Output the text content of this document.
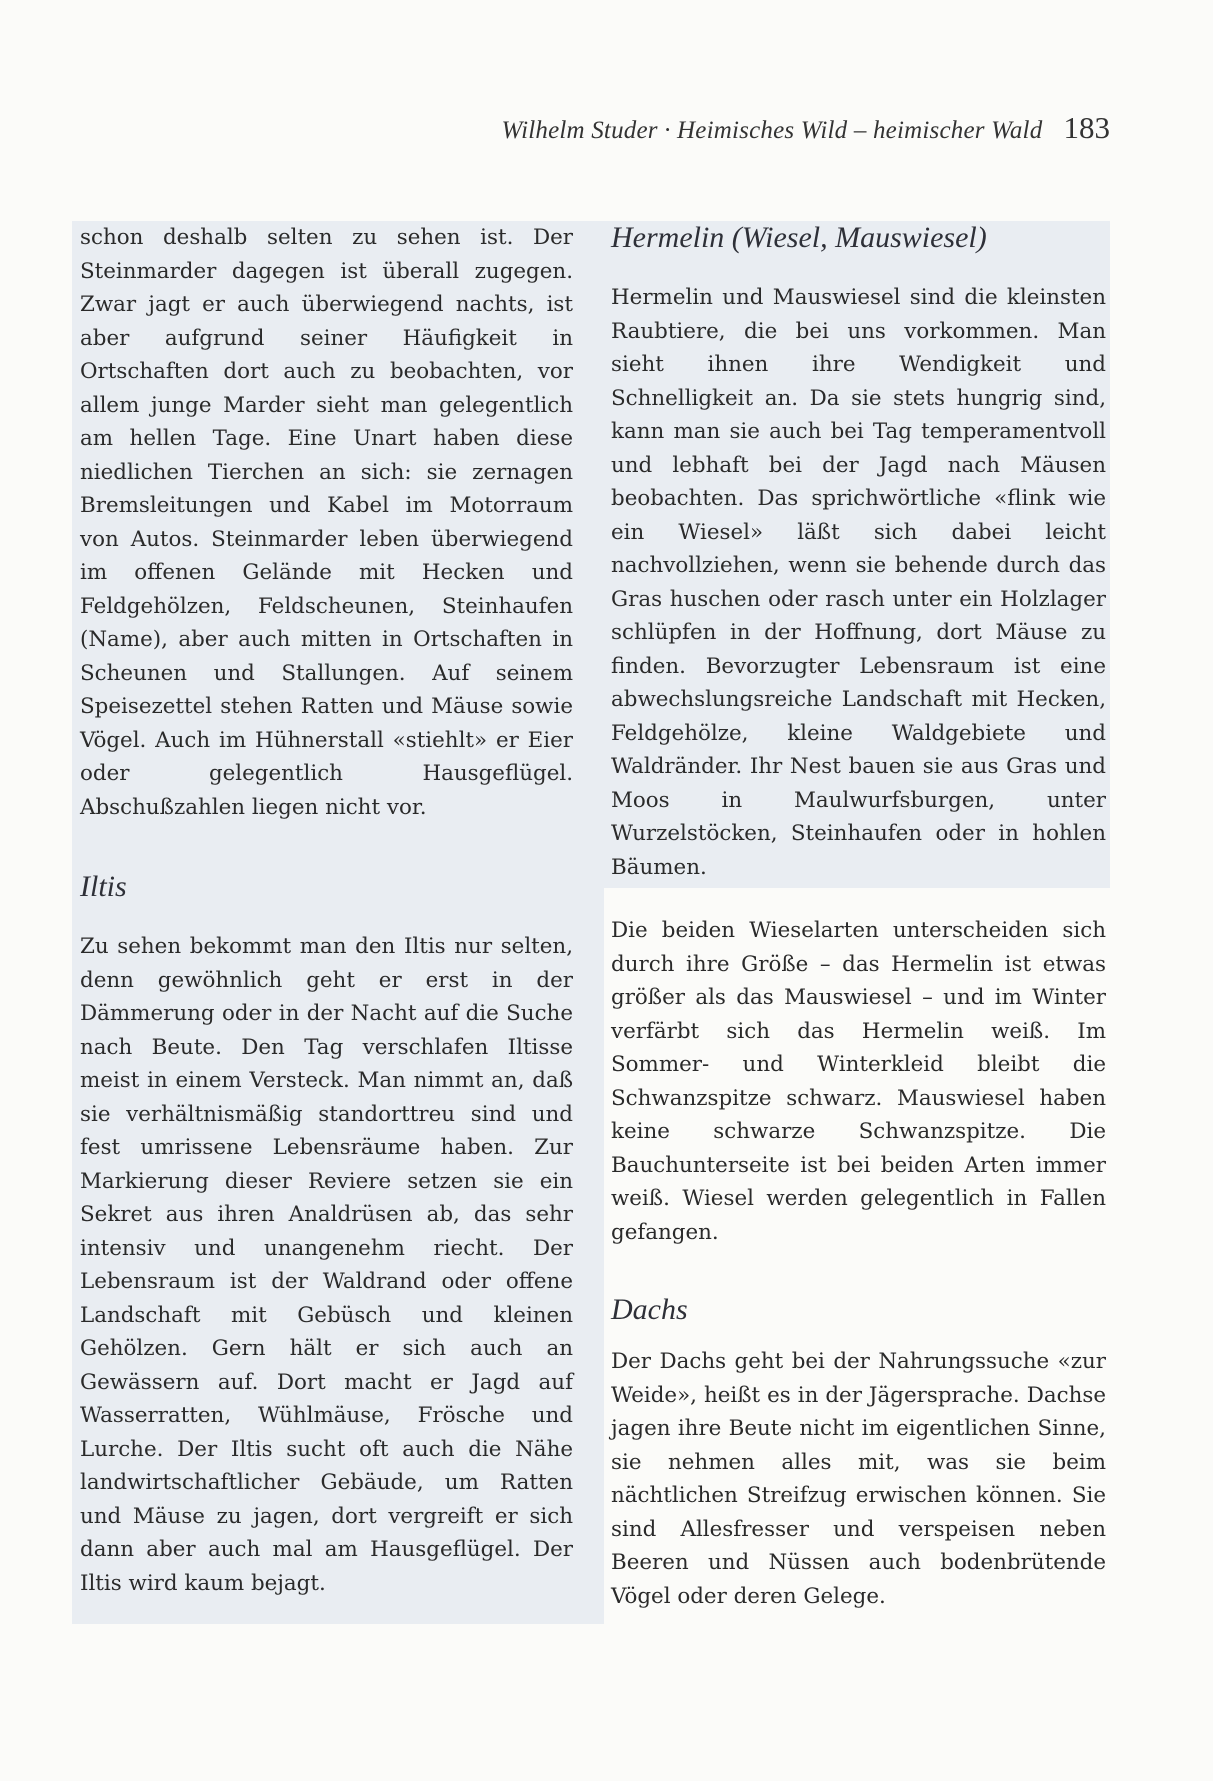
Wilhelm Studer · Heimisches Wild – heimischer Wald 183

schon deshalb selten zu sehen ist. Der Steinmarder dagegen ist überall zugegen. Zwar jagt er auch überwiegend nachts, ist aber aufgrund seiner Häufigkeit in Ortschaften dort auch zu beobachten, vor allem junge Marder sieht man gelegentlich am hellen Tage. Eine Unart haben diese niedlichen Tierchen an sich: sie zernagen Bremsleitungen und Kabel im Motorraum von Autos. Steinmarder leben überwiegend im offenen Gelände mit Hecken und Feldgehölzen, Feldscheunen, Steinhaufen (Name), aber auch mitten in Ortschaften in Scheunen und Stallungen. Auf seinem Speisezettel stehen Ratten und Mäuse sowie Vögel. Auch im Hühnerstall «stiehlt» er Eier oder gelegentlich Hausgeflügel. Abschußzahlen liegen nicht vor.

Iltis

Zu sehen bekommt man den Iltis nur selten, denn gewöhnlich geht er erst in der Dämmerung oder in der Nacht auf die Suche nach Beute. Den Tag verschlafen Iltisse meist in einem Versteck. Man nimmt an, daß sie verhältnismäßig standorttreu sind und fest umrissene Lebensräume haben. Zur Markierung dieser Reviere setzen sie ein Sekret aus ihren Analdrüsen ab, das sehr intensiv und unangenehm riecht. Der Lebensraum ist der Waldrand oder offene Landschaft mit Gebüsch und kleinen Gehölzen. Gern hält er sich auch an Gewässern auf. Dort macht er Jagd auf Wasserratten, Wühlmäuse, Frösche und Lurche. Der Iltis sucht oft auch die Nähe landwirtschaftlicher Gebäude, um Ratten und Mäuse zu jagen, dort vergreift er sich dann aber auch mal am Hausgeflügel. Der Iltis wird kaum bejagt.

Hermelin (Wiesel, Mauswiesel)

Hermelin und Mauswiesel sind die kleinsten Raubtiere, die bei uns vorkommen. Man sieht ihnen ihre Wendigkeit und Schnelligkeit an. Da sie stets hungrig sind, kann man sie auch bei Tag temperamentvoll und lebhaft bei der Jagd nach Mäusen beobachten. Das sprichwörtliche «flink wie ein Wiesel» läßt sich dabei leicht nachvollziehen, wenn sie behende durch das Gras huschen oder rasch unter ein Holzlager schlüpfen in der Hoffnung, dort Mäuse zu finden. Bevorzugter Lebensraum ist eine abwechslungsreiche Landschaft mit Hecken, Feldgehölze, kleine Waldgebiete und Waldränder. Ihr Nest bauen sie aus Gras und Moos in Maulwurfsburgen, unter Wurzelstöcken, Steinhaufen oder in hohlen Bäumen.

Die beiden Wieselarten unterscheiden sich durch ihre Größe – das Hermelin ist etwas größer als das Mauswiesel – und im Winter verfärbt sich das Hermelin weiß. Im Sommer- und Winterkleid bleibt die Schwanzspitze schwarz. Mauswiesel haben keine schwarze Schwanzspitze. Die Bauchunterseite ist bei beiden Arten immer weiß. Wiesel werden gelegentlich in Fallen gefangen.

Dachs

Der Dachs geht bei der Nahrungssuche «zur Weide», heißt es in der Jägersprache. Dachse jagen ihre Beute nicht im eigentlichen Sinne, sie nehmen alles mit, was sie beim nächtlichen Streifzug erwischen können. Sie sind Allesfresser und verspeisen neben Beeren und Nüssen auch bodenbrütende Vögel oder deren Gelege.
